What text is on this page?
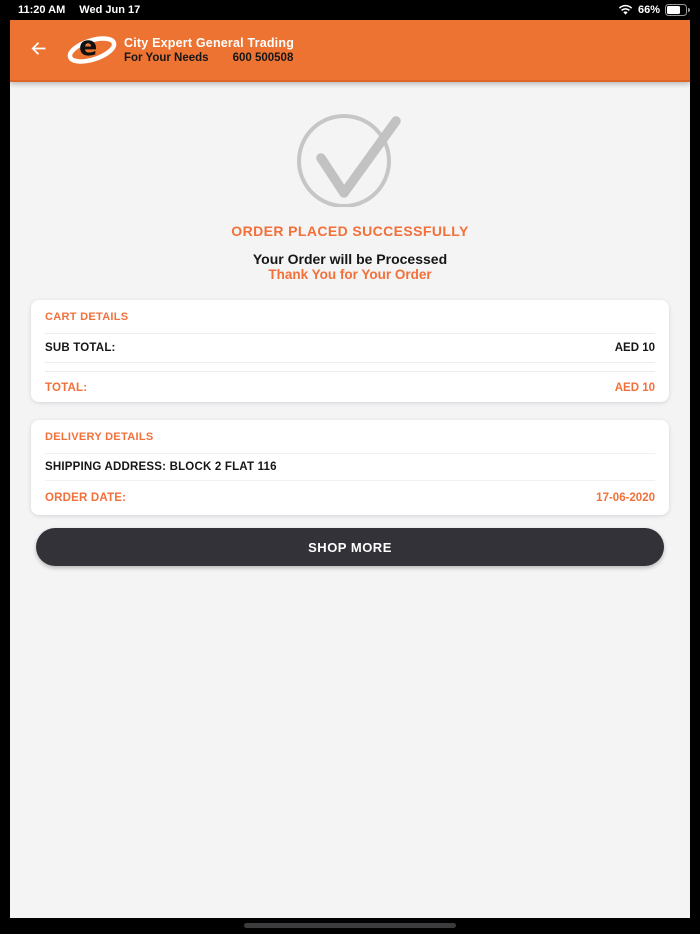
11:20 AM Wed Jun 17	66%
e City Expert General Trading
For Your Needs 600 500508
ORDER PLACED SUCCESSFULLY
Your Order will be Processed
Thank You for Your Order
CART DETAILS
SUB TOTAL:	AED 10
TOTAL:	AED 10
DELIVERY DETAILS
SHIPPING ADDRESS: BLOCK 2 FLAT 116
ORDER DATE:	17-06-2020
SHOP MORE
